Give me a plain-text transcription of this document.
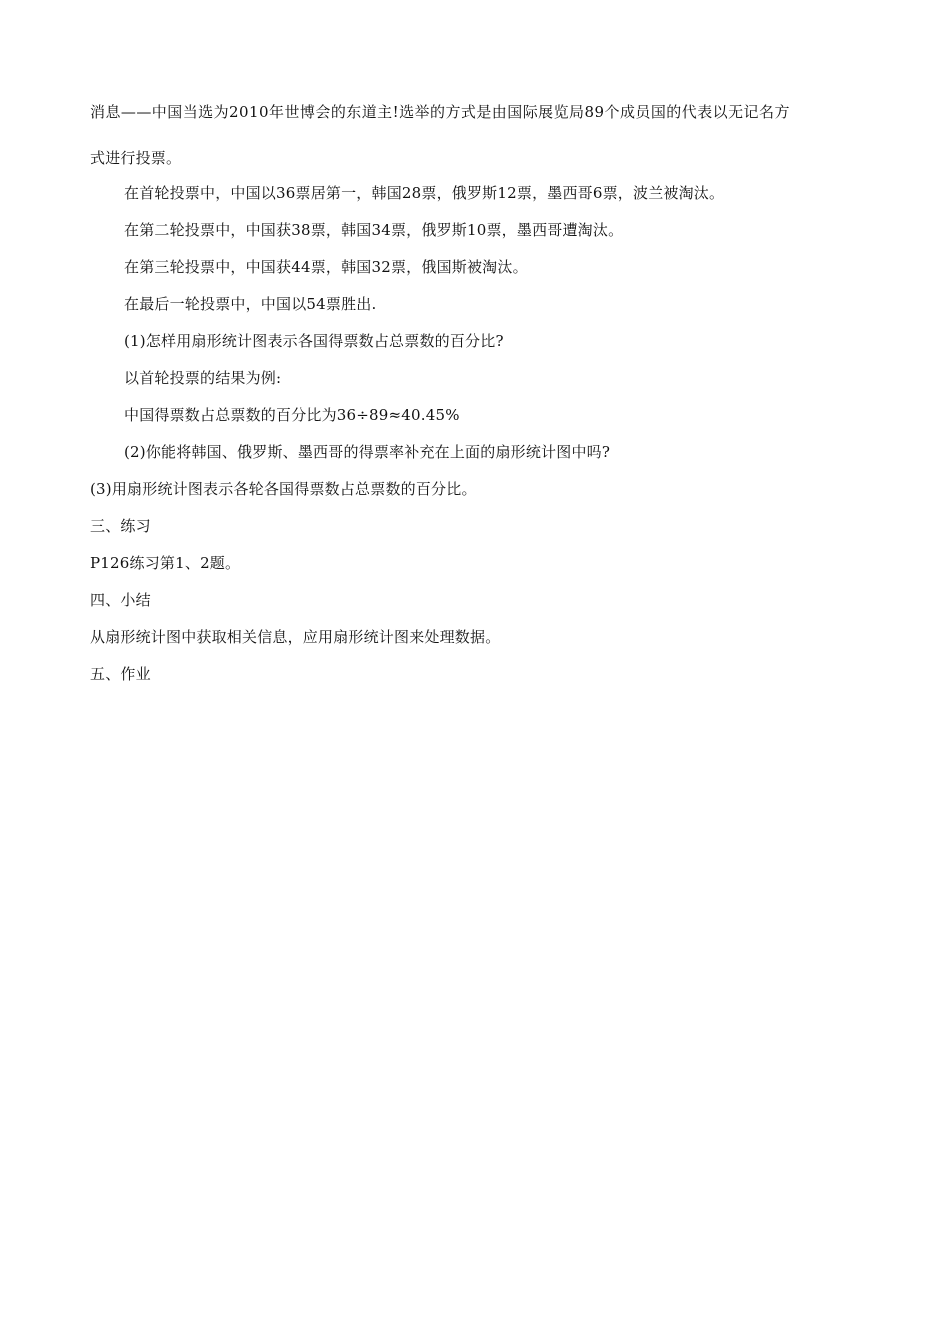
消息——中国当选为2010年世博会的东道主!选举的方式是由国际展览局89个成员国的代表以无记名方
式进行投票。
在首轮投票中，中国以36票居第一，韩国28票，俄罗斯12票，墨西哥6票，波兰被淘汰。
在第二轮投票中，中国获38票，韩国34票，俄罗斯10票，墨西哥遭淘汰。
在第三轮投票中，中国获44票，韩国32票，俄国斯被淘汰。
在最后一轮投票中，中国以54票胜出.
(1)怎样用扇形统计图表示各国得票数占总票数的百分比?
以首轮投票的结果为例:
中国得票数占总票数的百分比为36÷89≈40.45%
(2)你能将韩国、俄罗斯、墨西哥的得票率补充在上面的扇形统计图中吗?
(3)用扇形统计图表示各轮各国得票数占总票数的百分比。
三、练习
P126练习第1、2题。
四、小结
从扇形统计图中获取相关信息，应用扇形统计图来处理数据。
五、作业
